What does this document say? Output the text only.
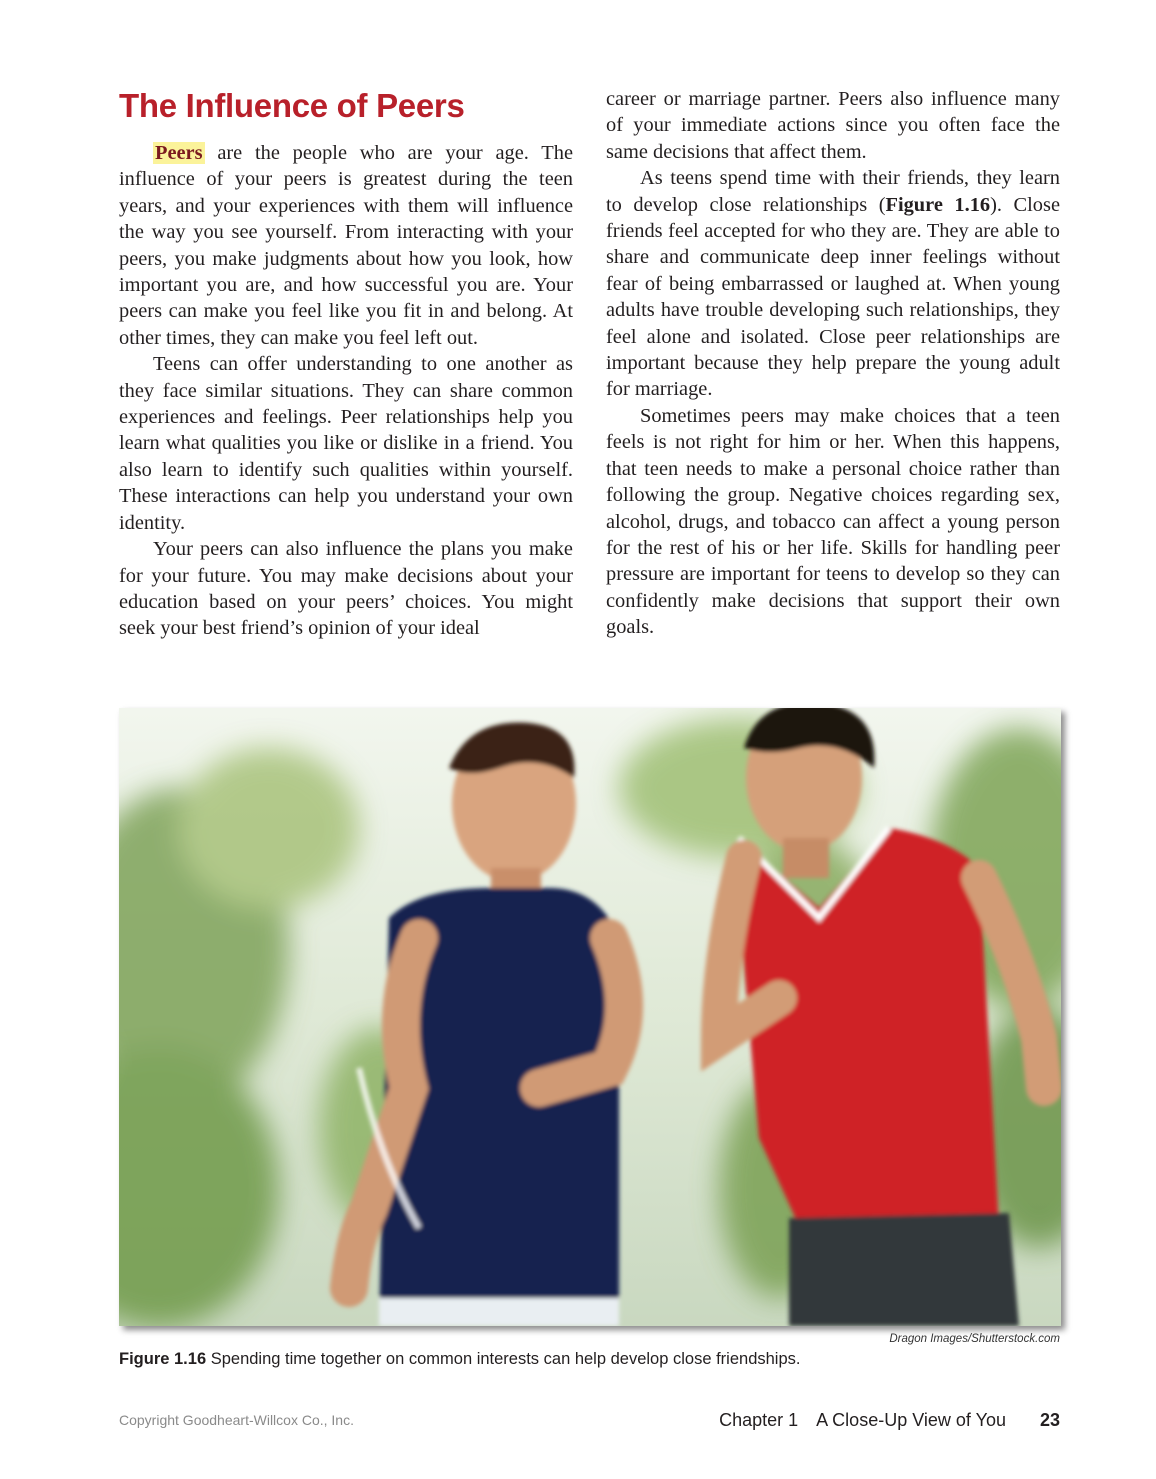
The Influence of Peers

Peers are the people who are your age. The influence of your peers is greatest during the teen years, and your experiences with them will influence the way you see yourself. From interacting with your peers, you make judgments about how you look, how important you are, and how successful you are. Your peers can make you feel like you fit in and belong. At other times, they can make you feel left out.

Teens can offer understanding to one another as they face similar situations. They can share common experiences and feelings. Peer relationships help you learn what qualities you like or dislike in a friend. You also learn to identify such qualities within yourself. These interactions can help you understand your own identity.

Your peers can also influence the plans you make for your future. You may make decisions about your education based on your peers’ choices. You might seek your best friend’s opinion of your ideal

career or marriage partner. Peers also influence many of your immediate actions since you often face the same decisions that affect them.

As teens spend time with their friends, they learn to develop close relationships (Figure 1.16). Close friends feel accepted for who they are. They are able to share and communicate deep inner feelings without fear of being embarrassed or laughed at. When young adults have trouble developing such relationships, they feel alone and isolated. Close peer relationships are important because they help prepare the young adult for marriage.

Sometimes peers may make choices that a teen feels is not right for him or her. When this happens, that teen needs to make a personal choice rather than following the group. Negative choices regarding sex, alcohol, drugs, and tobacco can affect a young person for the rest of his or her life. Skills for handling peer pressure are important for teens to develop so they can confidently make decisions that support their own goals.

Dragon Images/Shutterstock.com
Figure 1.16 Spending time together on common interests can help develop close friendships.
Copyright Goodheart-Willcox Co., Inc.	Chapter 1 A Close-Up View of You 23
